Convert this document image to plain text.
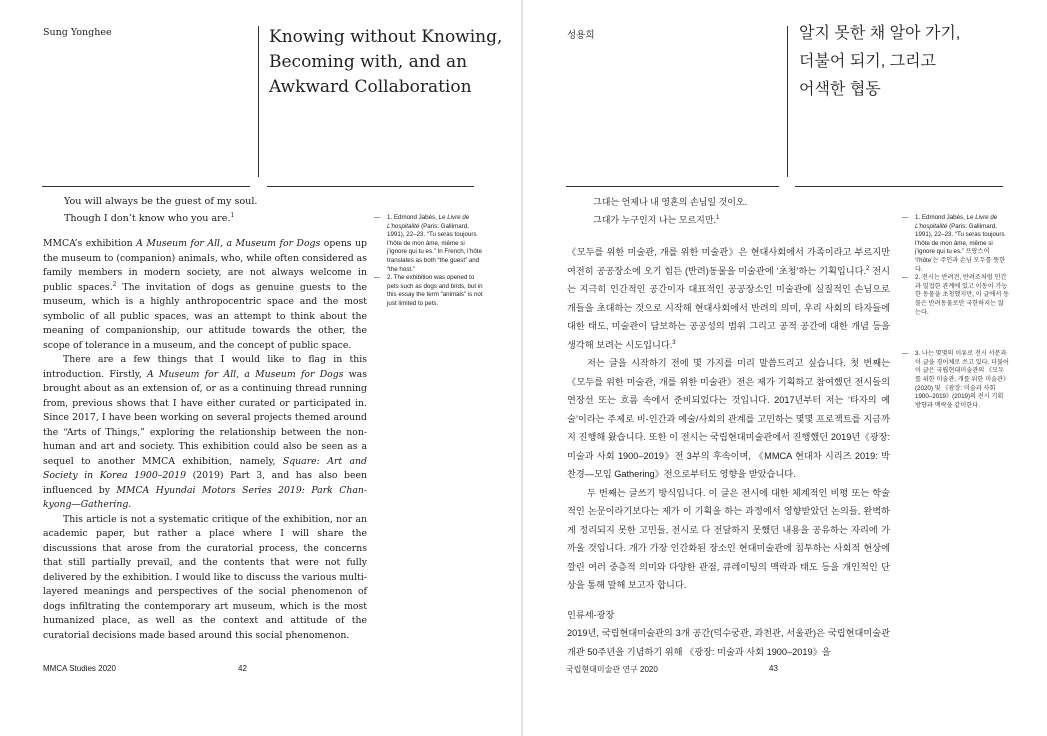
Sung Yonghee	Knowing without Knowing,
Becoming with, and an
Awkward Collaboration
You will always be the guest of my soul.
Though I don’t know who you are.$^1$

MMCA’s exhibition A Museum for All, a Museum for Dogs opens up the museum to (companion) animals, who, while often considered as family members in modern society, are not always welcome in public spaces.$^2$ The invitation of dogs as genuine guests to the museum, which is a highly anthropocentric space and the most symbolic of all public spaces, was an attempt to think about the meaning of companionship, our attitude towards the other, the scope of tolerance in a museum, and the concept of public space.

There are a few things that I would like to flag in this introduction. Firstly, A Museum for All, a Museum for Dogs was brought about as an extension of, or as a continuing thread running from, previous shows that I have either curated or participated in. Since 2017, I have been working on several projects themed around the “Arts of Things,” exploring the relationship between the non-human and art and society. This exhibition could also be seen as a sequel to another MMCA exhibition, namely, Square: Art and Society in Korea 1900–2019 (2019) Part 3, and has also been influenced by MMCA Hyundai Motors Series 2019: Park Chan-kyong—Gathering.

This article is not a systematic critique of the exhibition, nor an academic paper, but rather a place where I will share the discussions that arose from the curatorial process, the concerns that still partially prevail, and the contents that were not fully delivered by the exhibition. I would like to discuss the various multi-layered meanings and perspectives of the social phenomenon of dogs infiltrating the contemporary art museum, which is the most humanized place, as well as the context and attitude of the curatorial decisions made based around this social phenomenon.

— 1. Edmond Jabès, Le Livre de L’hospitalité (Paris: Gallimard, 1991), 22–23. “Tu seras toujours l’hôte de mon âme, même si j’ignore qui tu es.” In French, l’hôte translates as both “the guest” and “the host.”
— 2. The exhibition was opened to pets such as dogs and birds, but in this essay the term “animals” is not just limited to pets.
MMCA Studies 2020	42
성용희	알지 못한 채 알아 가기,
더불어 되기, 그리고
어색한 협동
그대는 언제나 내 영혼의 손님일 것이오.
그대가 누구인지 나는 모르지만.$^1$

《모두를 위한 미술관, 개를 위한 미술관》은 현대사회에서 가족이라고 부르지만 여전히 공공장소에 오기 힘든 (반려)동물을 미술관에 ‘초청’하는 기획입니다.$^2$ 전시는 지극히 인간적인 공간이자 대표적인 공공장소인 미술관에 실질적인 손님으로 개들을 초대하는 것으로 시작해 현대사회에서 반려의 의미, 우리 사회의 타자들에 대한 태도, 미술관이 담보하는 공공성의 범위 그리고 공적 공간에 대한 개념 등을 생각해 보려는 시도입니다.$^3$

저는 글을 시작하기 전에 몇 가지를 미리 말씀드리고 싶습니다. 첫 번째는 《모두를 위한 미술관, 개를 위한 미술관》전은 제가 기획하고 참여했던 전시들의 연장선 또는 흐름 속에서 준비되었다는 것입니다. 2017년부터 저는 ‘타자의 예술’이라는 주제로 비-인간과 예술/사회의 관계를 고민하는 몇몇 프로젝트를 지금까지 진행해 왔습니다. 또한 이 전시는 국립현대미술관에서 진행했던 2019년《광장: 미술과 사회 1900–2019》전 3부의 후속이며, 《MMCA 현대차 시리즈 2019: 박찬경—모임 Gathering》전으로부터도 영향을 받았습니다.

두 번째는 글쓰기 방식입니다. 이 글은 전시에 대한 체계적인 비평 또는 학술적인 논문이라기보다는 제가 이 기획을 하는 과정에서 영향받았던 논의들, 완벽하게 정리되지 못한 고민들, 전시로 다 전달하지 못했던 내용을 공유하는 자리에 가까울 것입니다. 개가 가장 인간화된 장소인 현대미술관에 침투하는 사회적 현상에 깔린 여러 중층적 의미와 다양한 관점, 큐레이팅의 맥락과 태도 등을 개인적인 단상을 통해 말해 보고자 합니다.

인류세-광장

2019년, 국립현대미술관의 3개 공간(덕수궁관, 과천관, 서울관)은 국립현대미술관 개관 50주년을 기념하기 위해 《광장: 미술과 사회 1900–2019》을

— 1. Edmond Jabès, Le Livre de L’hospitalité (Paris: Gallimard, 1991), 22–23. “Tu seras toujours l’hôte de mon âme, même si j’ignore qui tu es.” 프랑스어 ‘l’hôte’는 주인과 손님 모두를 뜻한다.
— 2. 전시는 반려견, 반려조처럼 인간과 밀접한 관계에 있고 이동이 가능한 동물을 초청했지만, 이 글에서 동물은 반려동물로만 국한하지는 않는다.
— 3. 나는 몇몇의 이유로 전시 서문과 이 글을 경어체로 쓰고 있다. 더불어 이 글은 국립현대미술관의 《모두를 위한 미술관, 개를 위한 미술관》(2020) 및 《광장: 미술과 사회 1900–2019》(2019)의 전시 기획 방향과 맥락을 같이한다.
국립현대미술관 연구 2020	43
